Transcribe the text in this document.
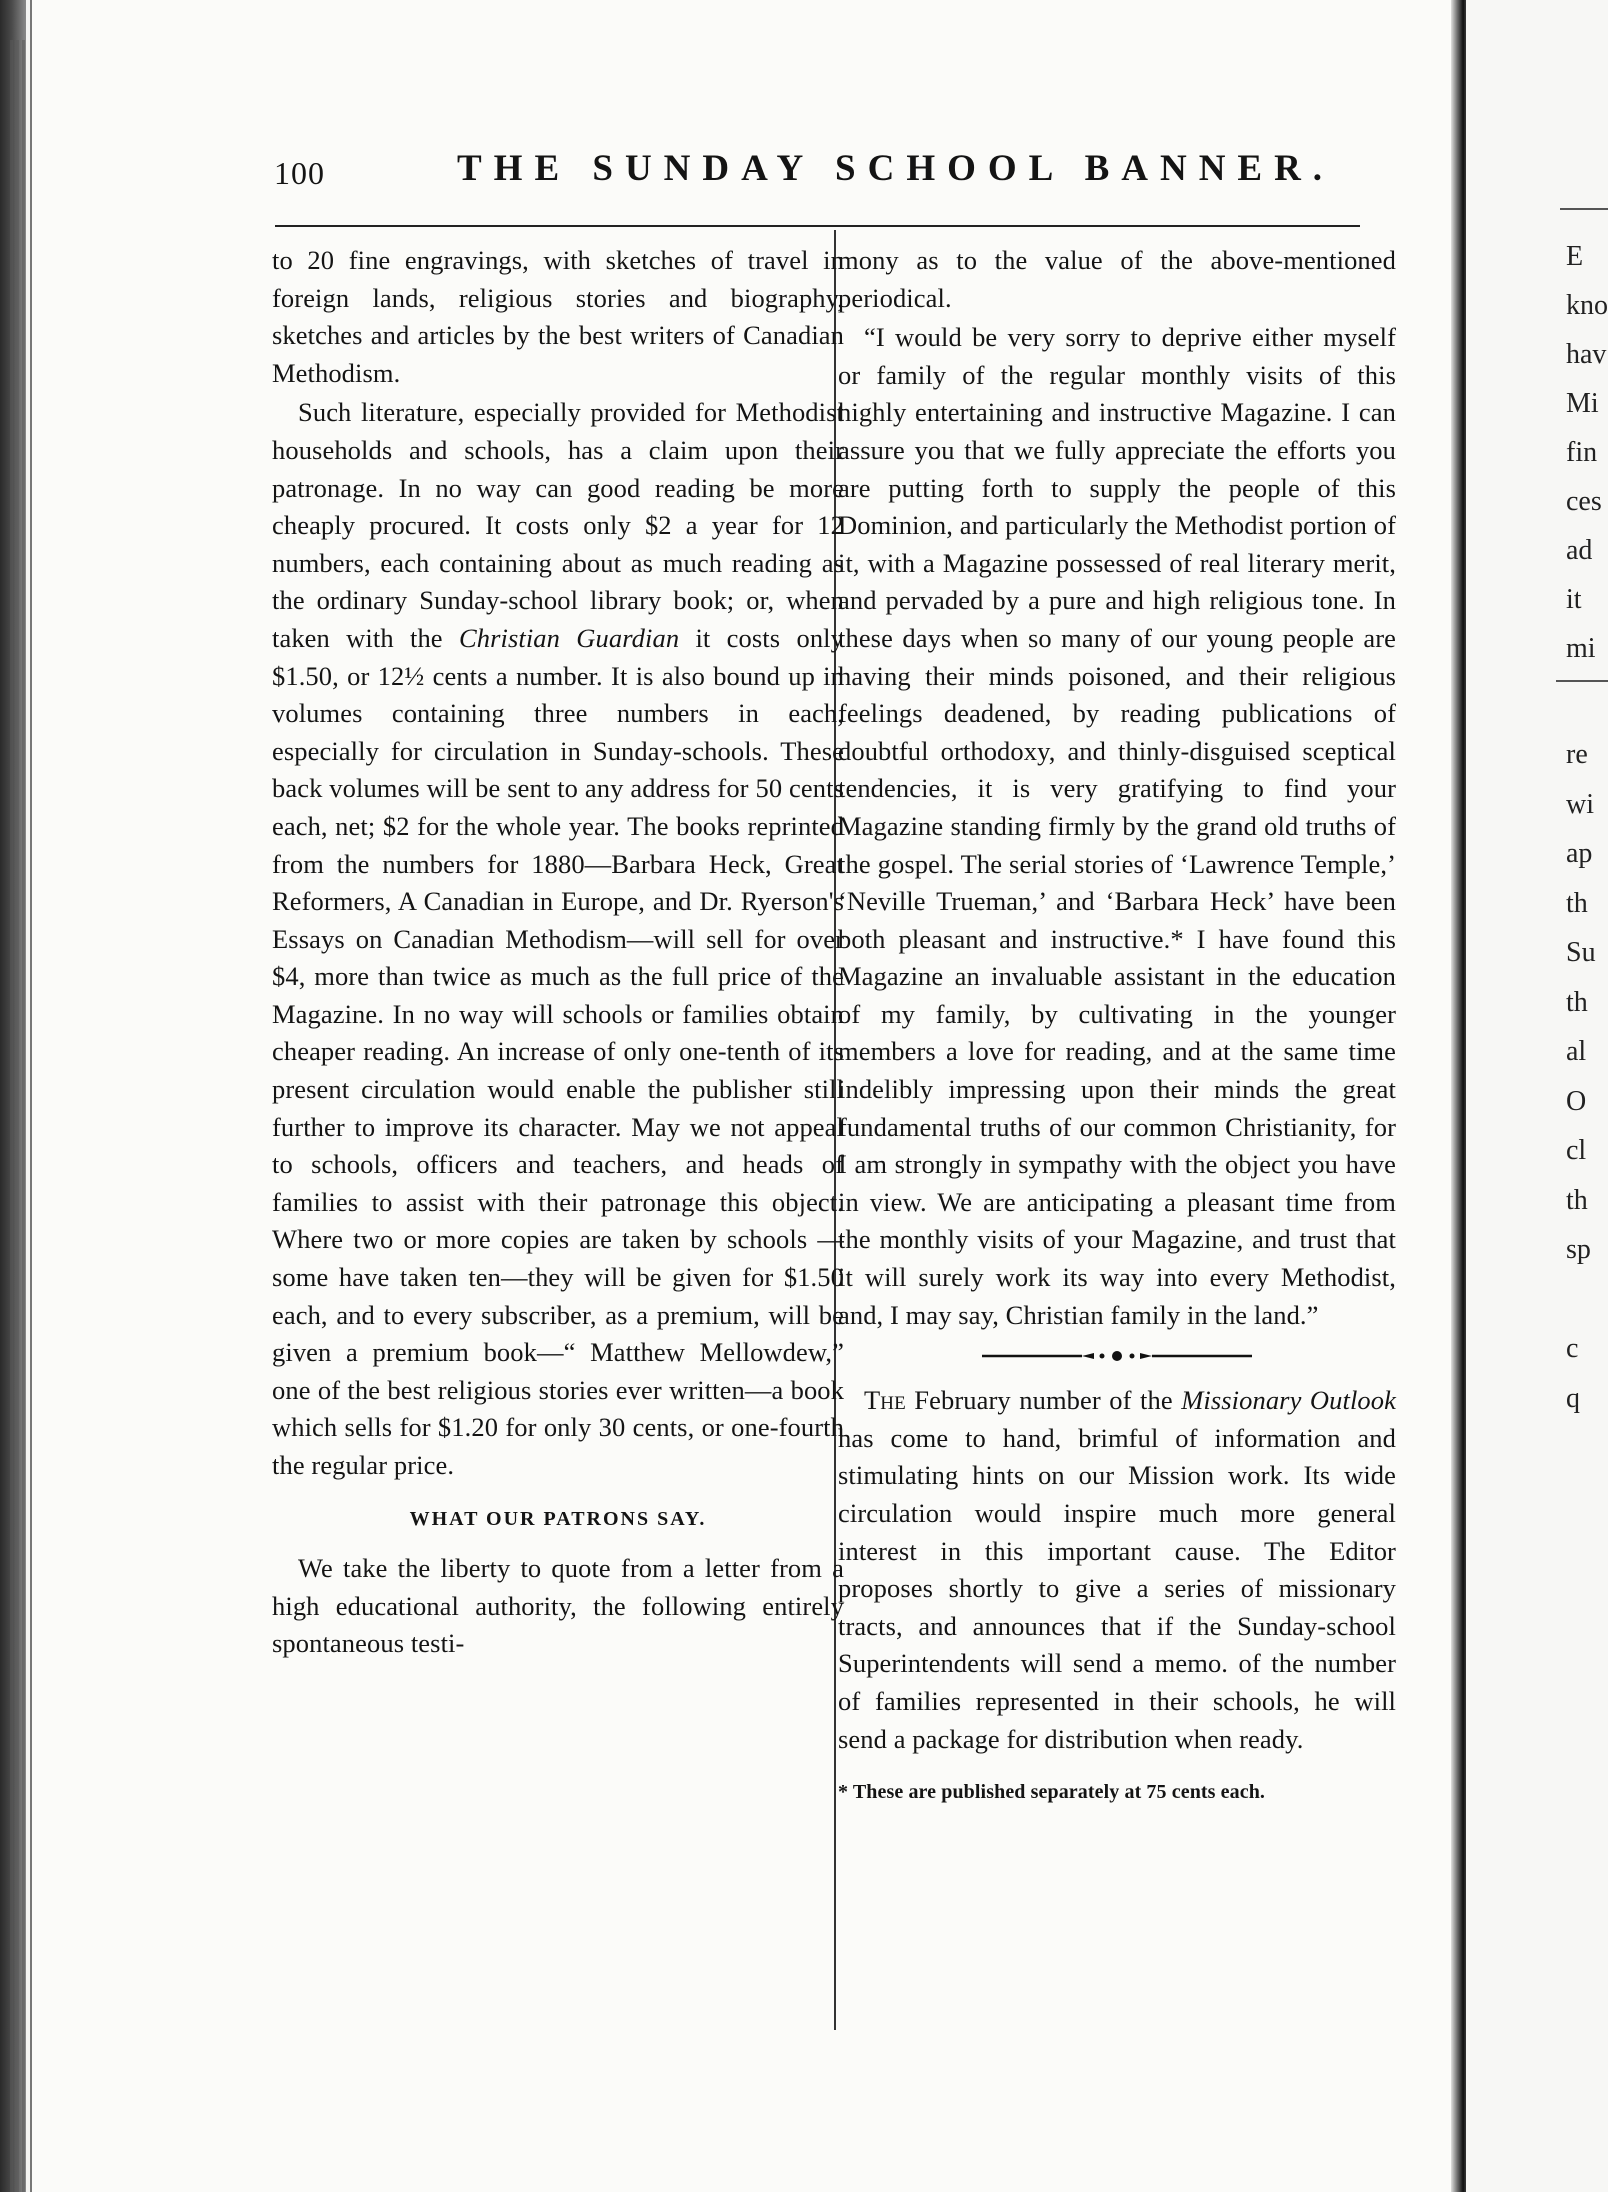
100	THE SUNDAY SCHOOL BANNER.

to 20 fine engravings, with sketches of travel in foreign lands, religious stories and biography, sketches and articles by the best writers of Canadian Methodism.

Such literature, especially provided for Methodist households and schools, has a claim upon their patronage. In no way can good reading be more cheaply procured. It costs only $2 a year for 12 numbers, each containing about as much reading as the ordinary Sunday-school library book; or, when taken with the Christian Guardian it costs only $1.50, or 12½ cents a number. It is also bound up in volumes containing three numbers in each, especially for circulation in Sunday-schools. These back volumes will be sent to any address for 50 cents each, net; $2 for the whole year. The books reprinted from the numbers for 1880—Barbara Heck, Great Reformers, A Canadian in Europe, and Dr. Ryerson's Essays on Canadian Methodism—will sell for over $4, more than twice as much as the full price of the Magazine. In no way will schools or families obtain cheaper reading. An increase of only one-tenth of its present circulation would enable the publisher still further to improve its character. May we not appeal to schools, officers and teachers, and heads of families to assist with their patronage this object. Where two or more copies are taken by schools —some have taken ten—they will be given for $1.50 each, and to every subscriber, as a premium, will be given a premium book—“ Matthew Mellowdew,” one of the best religious stories ever written—a book which sells for $1.20 for only 30 cents, or one-fourth the regular price.

WHAT OUR PATRONS SAY.

We take the liberty to quote from a letter from a high educational authority, the following entirely spontaneous testi-

mony as to the value of the above-mentioned periodical.

“I would be very sorry to deprive either myself or family of the regular monthly visits of this highly entertaining and instructive Magazine. I can assure you that we fully appreciate the efforts you are putting forth to supply the people of this Dominion, and particularly the Methodist portion of it, with a Magazine possessed of real literary merit, and pervaded by a pure and high religious tone. In these days when so many of our young people are having their minds poisoned, and their religious feelings deadened, by reading publications of doubtful orthodoxy, and thinly-disguised sceptical tendencies, it is very gratifying to find your Magazine standing firmly by the grand old truths of the gospel. The serial stories of ‘Lawrence Temple,’ ‘Neville Trueman,’ and ‘Barbara Heck’ have been both pleasant and instructive.* I have found this Magazine an invaluable assistant in the education of my family, by cultivating in the younger members a love for reading, and at the same time indelibly impressing upon their minds the great fundamental truths of our common Christianity, for I am strongly in sympathy with the object you have in view. We are anticipating a pleasant time from the monthly visits of your Magazine, and trust that it will surely work its way into every Methodist, and, I may say, Christian family in the land.”

The February number of the Missionary Outlook has come to hand, brimful of information and stimulating hints on our Mission work. Its wide circulation would inspire much more general interest in this important cause. The Editor proposes shortly to give a series of missionary tracts, and announces that if the Sunday-school Superintendents will send a memo. of the number of families represented in their schools, he will send a package for distribution when ready.

* These are published separately at 75 cents each.
E
kno
hav
Mi
fin
ces
ad
it
mi
re
wi
ap
th
Su
th
al
O
cl
th
sp

c
q
